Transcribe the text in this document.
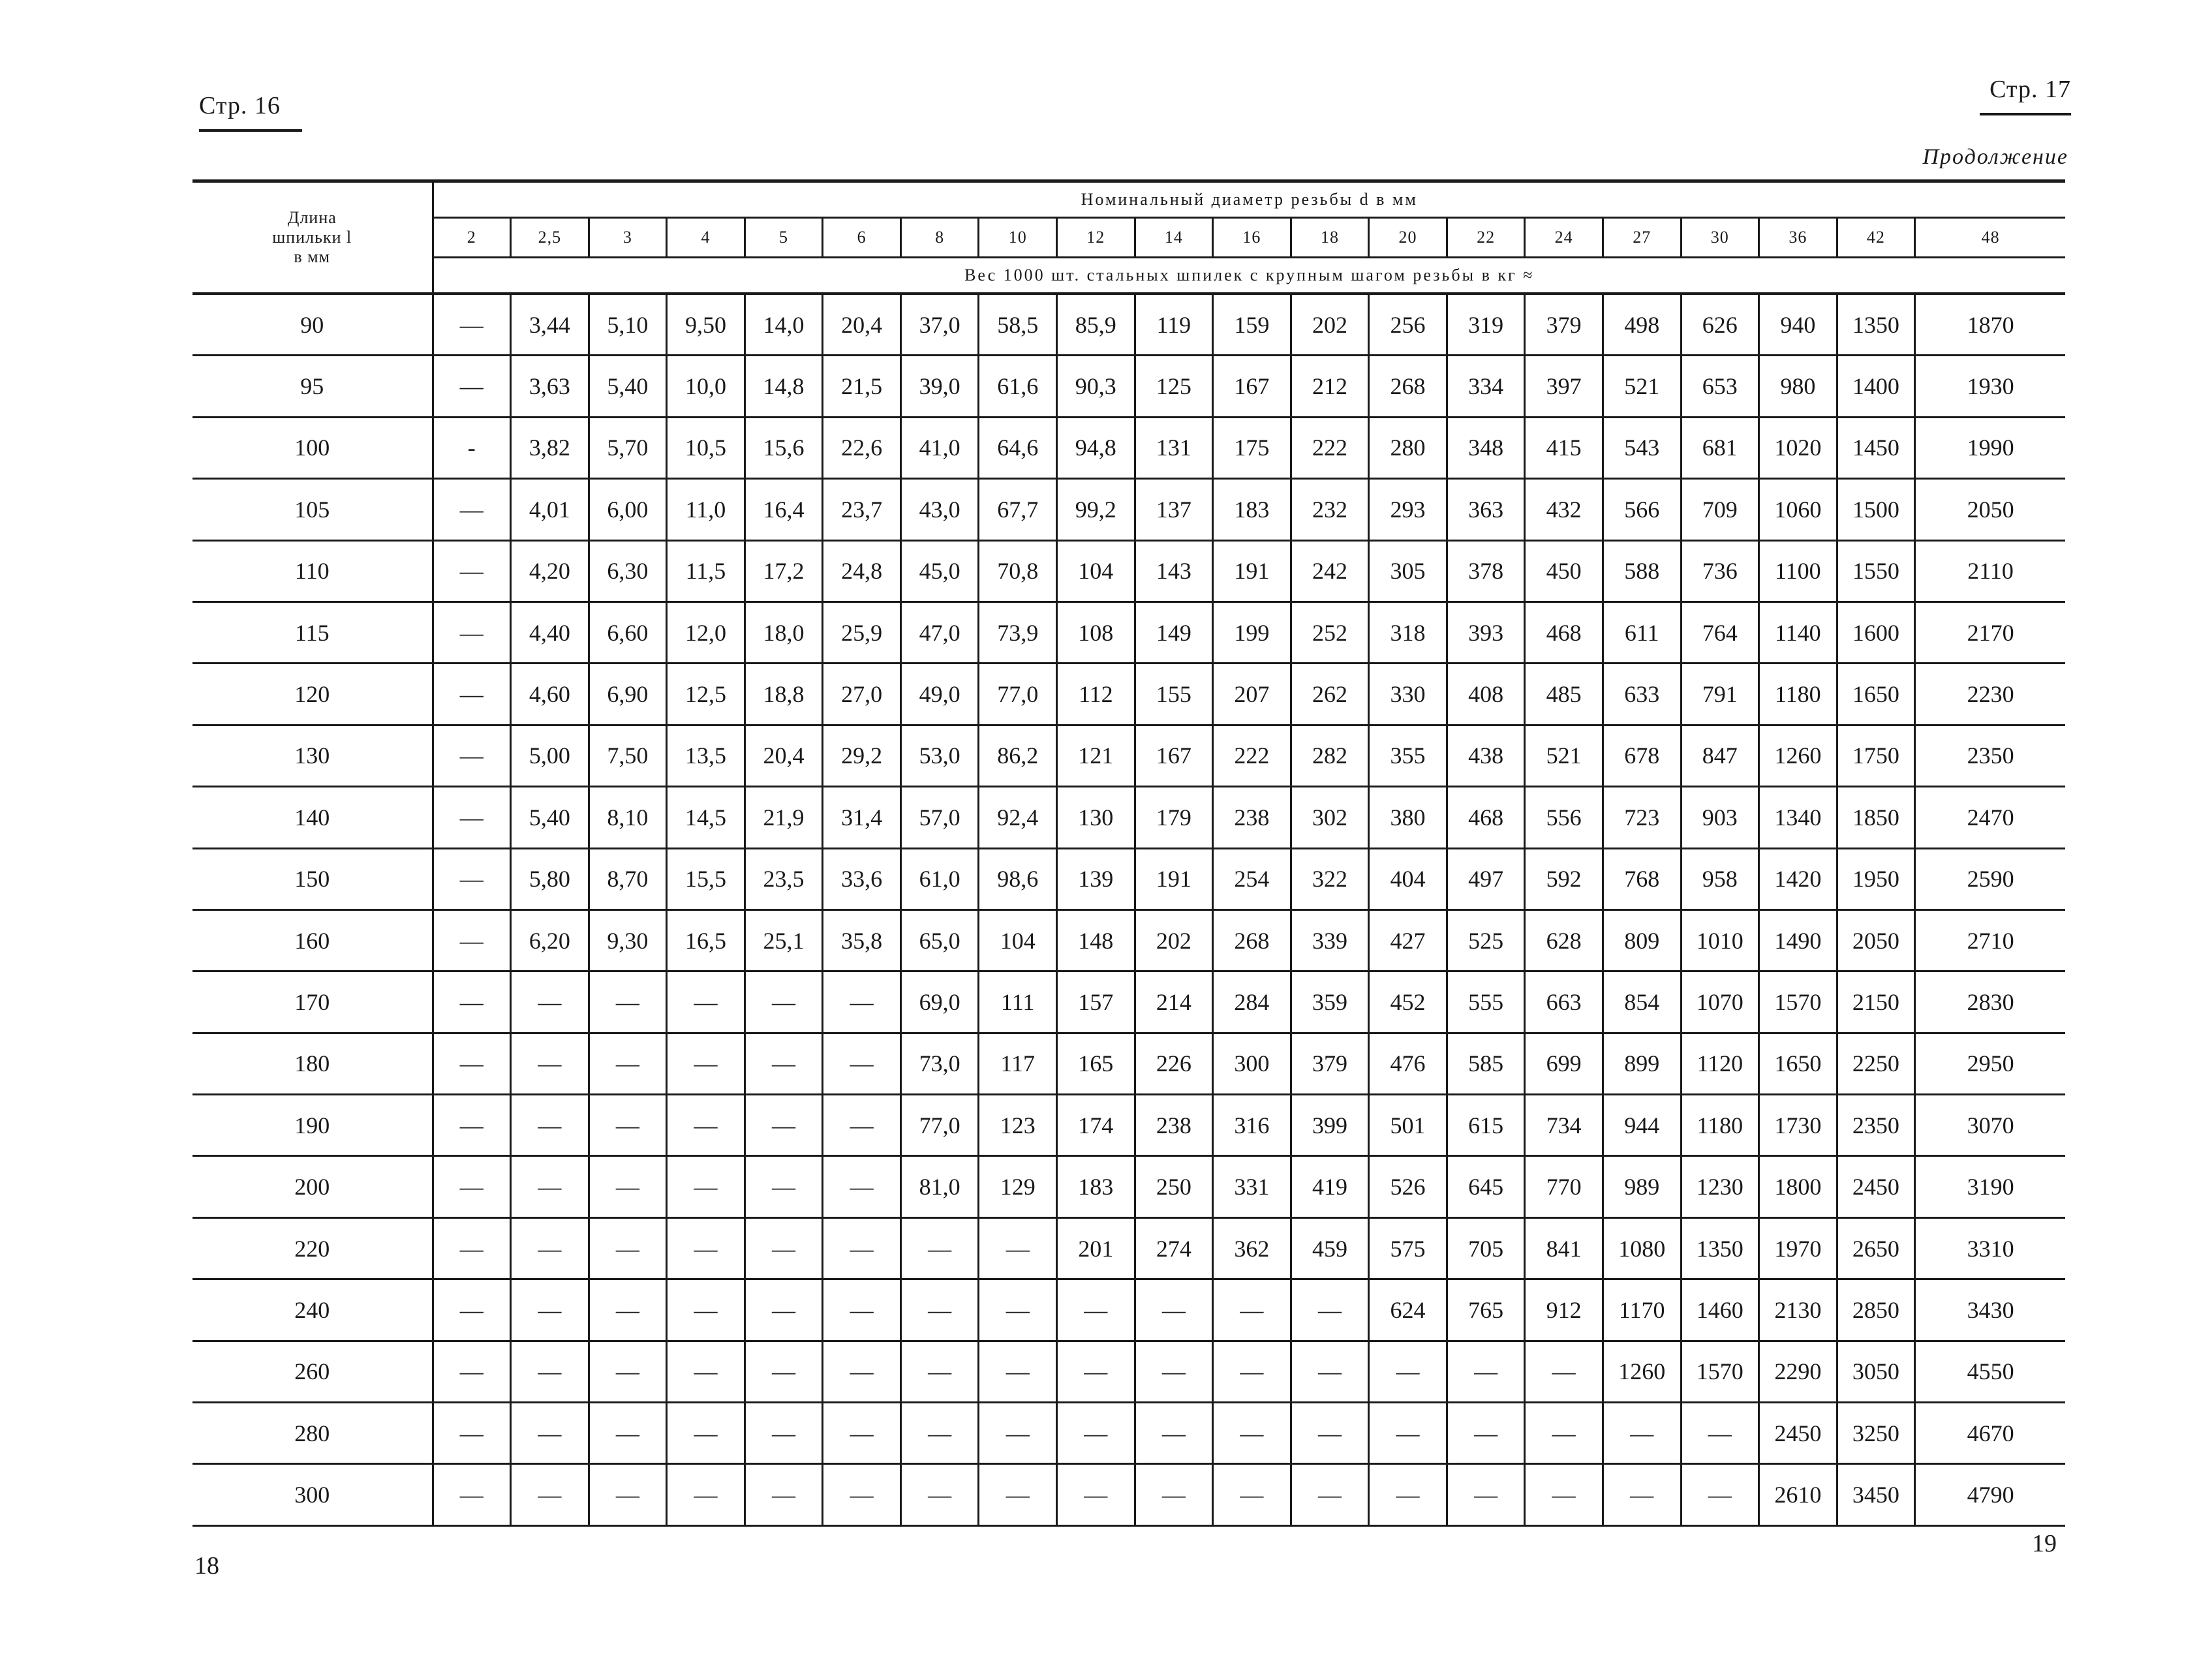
Стр. 16
Стр. 17
Продолжение
Длина
шпильки l
в мм	Номинальный диаметр резьбы d в мм																			
	2	2,5	3	4	5	6	8	10	12	14	16	18	20	22	24	27	30	36	42	48
	Вес 1000 шт. стальных шпилек с крупным шагом резьбы в кг ≈																			
90	—	3,44	5,10	9,50	14,0	20,4	37,0	58,5	85,9	119	159	202	256	319	379	498	626	940	1350	1870
95	—	3,63	5,40	10,0	14,8	21,5	39,0	61,6	90,3	125	167	212	268	334	397	521	653	980	1400	1930
100	-	3,82	5,70	10,5	15,6	22,6	41,0	64,6	94,8	131	175	222	280	348	415	543	681	1020	1450	1990
105	—	4,01	6,00	11,0	16,4	23,7	43,0	67,7	99,2	137	183	232	293	363	432	566	709	1060	1500	2050
110	—	4,20	6,30	11,5	17,2	24,8	45,0	70,8	104	143	191	242	305	378	450	588	736	1100	1550	2110
115	—	4,40	6,60	12,0	18,0	25,9	47,0	73,9	108	149	199	252	318	393	468	611	764	1140	1600	2170
120	—	4,60	6,90	12,5	18,8	27,0	49,0	77,0	112	155	207	262	330	408	485	633	791	1180	1650	2230
130	—	5,00	7,50	13,5	20,4	29,2	53,0	86,2	121	167	222	282	355	438	521	678	847	1260	1750	2350
140	—	5,40	8,10	14,5	21,9	31,4	57,0	92,4	130	179	238	302	380	468	556	723	903	1340	1850	2470
150	—	5,80	8,70	15,5	23,5	33,6	61,0	98,6	139	191	254	322	404	497	592	768	958	1420	1950	2590
160	—	6,20	9,30	16,5	25,1	35,8	65,0	104	148	202	268	339	427	525	628	809	1010	1490	2050	2710
170	—	—	—	—	—	—	69,0	111	157	214	284	359	452	555	663	854	1070	1570	2150	2830
180	—	—	—	—	—	—	73,0	117	165	226	300	379	476	585	699	899	1120	1650	2250	2950
190	—	—	—	—	—	—	77,0	123	174	238	316	399	501	615	734	944	1180	1730	2350	3070
200	—	—	—	—	—	—	81,0	129	183	250	331	419	526	645	770	989	1230	1800	2450	3190
220	—	—	—	—	—	—	—	—	201	274	362	459	575	705	841	1080	1350	1970	2650	3310
240	—	—	—	—	—	—	—	—	—	—	—	—	624	765	912	1170	1460	2130	2850	3430
260	—	—	—	—	—	—	—	—	—	—	—	—	—	—	—	1260	1570	2290	3050	4550
280	—	—	—	—	—	—	—	—	—	—	—	—	—	—	—	—	—	2450	3250	4670
300	—	—	—	—	—	—	—	—	—	—	—	—	—	—	—	—	—	2610	3450	4790
18
19
